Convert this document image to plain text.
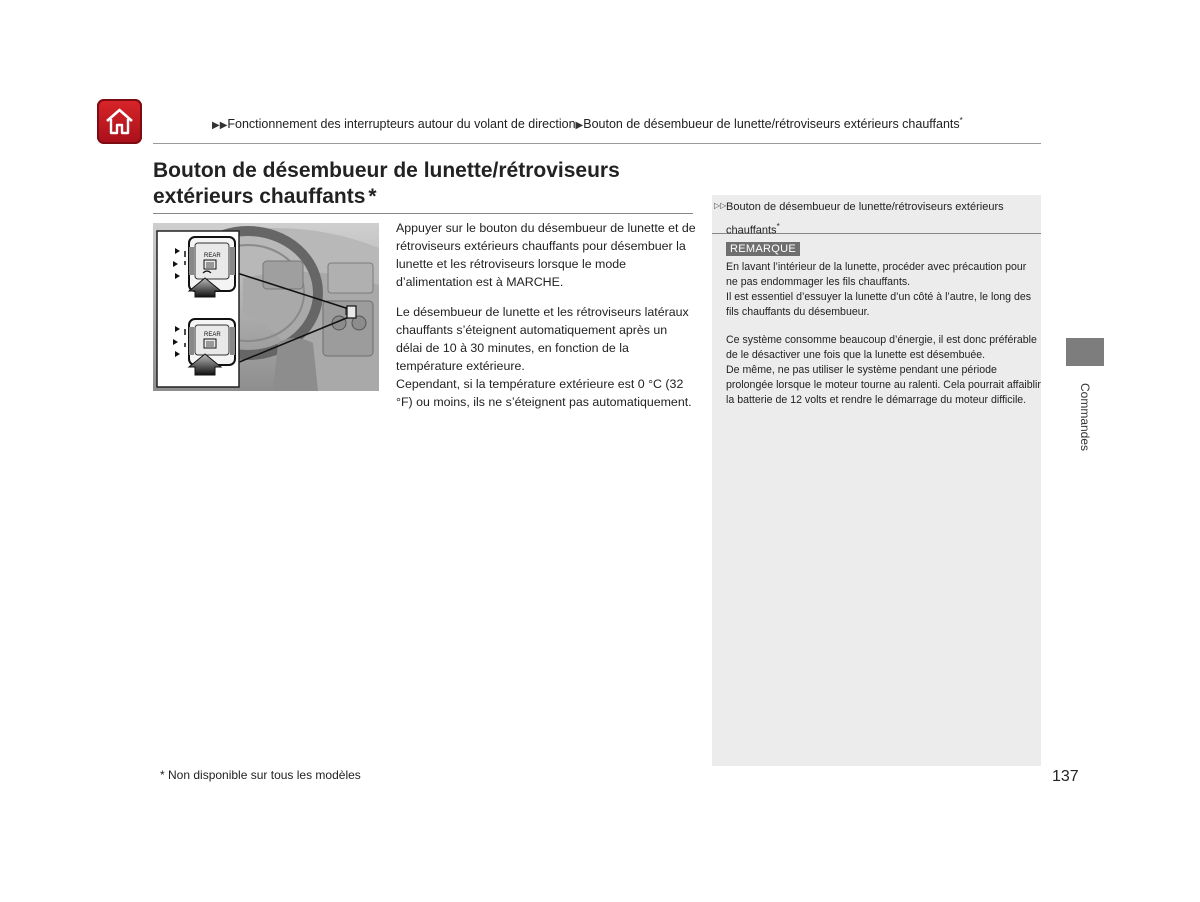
▶▶Fonctionnement des interrupteurs autour du volant de direction▶Bouton de désembueur de lunette/rétroviseurs extérieurs chauffants*
Bouton de désembueur de lunette/rétroviseurs
extérieurs chauffants *
REAR
REAR

Appuyer sur le bouton du désembueur de lunette et de rétroviseurs extérieurs chauffants pour désembuer la lunette et les rétroviseurs lorsque le mode d’alimentation est à MARCHE.

Le désembueur de lunette et les rétroviseurs latéraux chauffants s’éteignent automatiquement après un délai de 10 à 30 minutes, en fonction de la température extérieure.

Cependant, si la température extérieure est 0 °C (32 °F) ou moins, ils ne s’éteignent pas automatiquement.

▷▷ Bouton de désembueur de lunette/rétroviseurs extérieurs chauffants*
REMARQUE
En lavant l’intérieur de la lunette, procéder avec précaution pour ne pas endommager les fils chauffants.

Il est essentiel d’essuyer la lunette d’un côté à l’autre, le long des fils chauffants du désembueur.

Ce système consomme beaucoup d’énergie, il est donc préférable de le désactiver une fois que la lunette est désembuée.
De même, ne pas utiliser le système pendant une période prolongée lorsque le moteur tourne au ralenti. Cela pourrait affaiblir la batterie de 12 volts et rendre le démarrage du moteur difficile.	Commandes
* Non disponible sur tous les modèles	137
